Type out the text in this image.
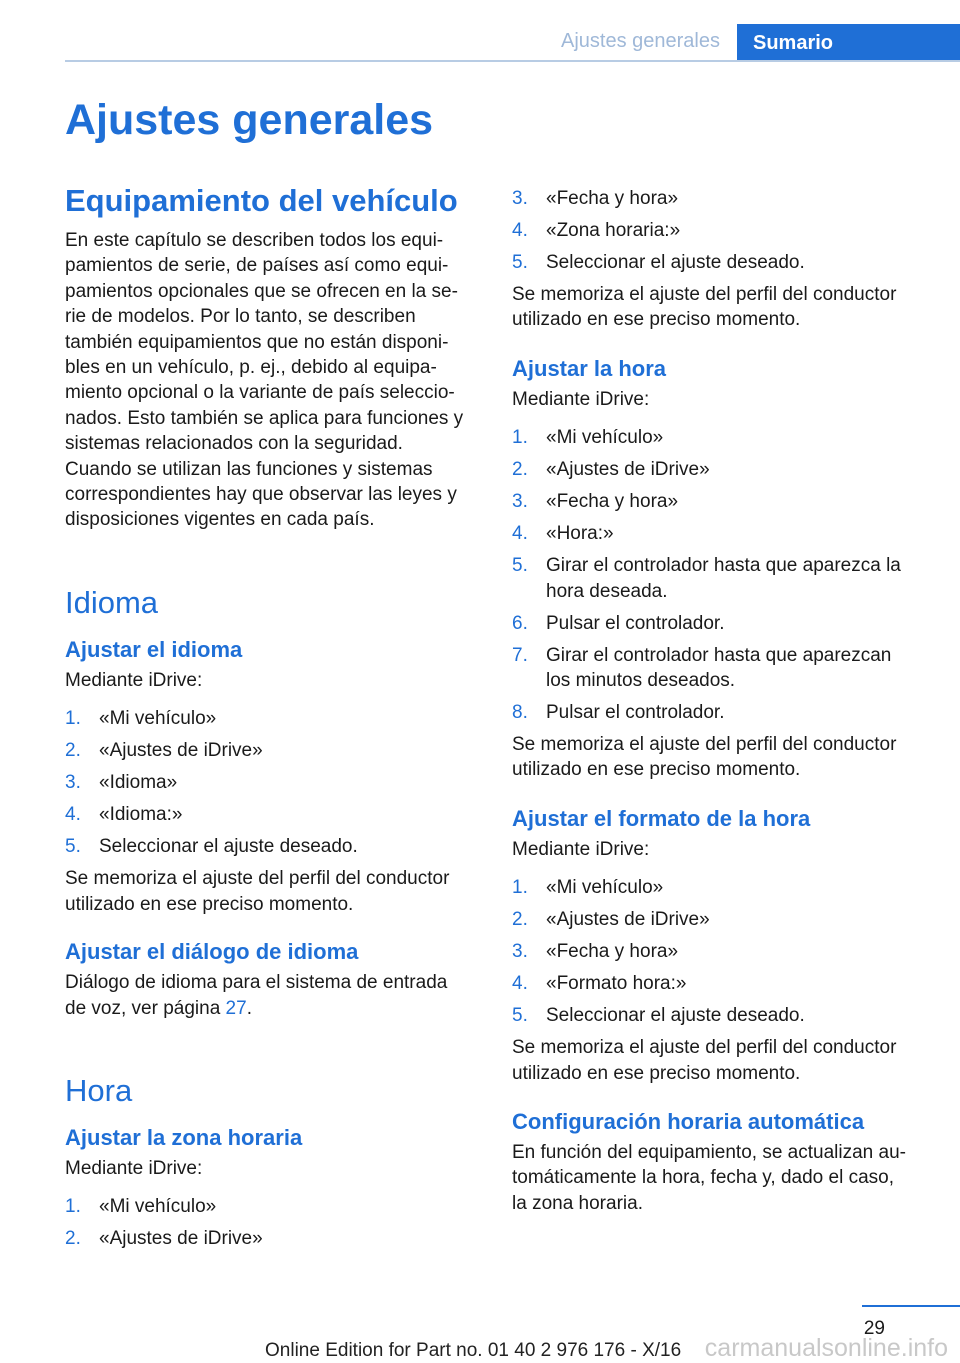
Ajustes generales	Sumario
Ajustes generales
Equipamiento del vehículo

En este capítulo se describen todos los equi-
pamientos de serie, de países así como equi-
pamientos opcionales que se ofrecen en la se-
rie de modelos. Por lo tanto, se describen
también equipamientos que no están disponi-
bles en un vehículo, p. ej., debido al equipa-
miento opcional o la variante de país seleccio-
nados. Esto también se aplica para funciones y
sistemas relacionados con la seguridad.
Cuando se utilizan las funciones y sistemas
correspondientes hay que observar las leyes y
disposiciones vigentes en cada país.

Idioma
Ajustar el idioma

Mediante iDrive:

1. «Mi vehículo»
2. «Ajustes de iDrive»
3. «Idioma»
4. «Idioma:»
5. Seleccionar el ajuste deseado.

Se memoriza el ajuste del perfil del conductor
utilizado en ese preciso momento.

Ajustar el diálogo de idioma

Diálogo de idioma para el sistema de entrada
de voz, ver página 27.

Hora
Ajustar la zona horaria

Mediante iDrive:

1. «Mi vehículo»
2. «Ajustes de iDrive»
3. «Fecha y hora»
4. «Zona horaria:»
5. Seleccionar el ajuste deseado.

Se memoriza el ajuste del perfil del conductor
utilizado en ese preciso momento.

Ajustar la hora

Mediante iDrive:

1. «Mi vehículo»
2. «Ajustes de iDrive»
3. «Fecha y hora»
4. «Hora:»
5. Girar el controlador hasta que aparezca la
hora deseada.
6. Pulsar el controlador.
7. Girar el controlador hasta que aparezcan
los minutos deseados.
8. Pulsar el controlador.

Se memoriza el ajuste del perfil del conductor
utilizado en ese preciso momento.

Ajustar el formato de la hora

Mediante iDrive:

1. «Mi vehículo»
2. «Ajustes de iDrive»
3. «Fecha y hora»
4. «Formato hora:»
5. Seleccionar el ajuste deseado.

Se memoriza el ajuste del perfil del conductor
utilizado en ese preciso momento.

Configuración horaria automática

En función del equipamiento, se actualizan au-
tomáticamente la hora, fecha y, dado el caso,
la zona horaria.

29
Online Edition for Part no. 01 40 2 976 176 - X/16 carmanualsonline.info
